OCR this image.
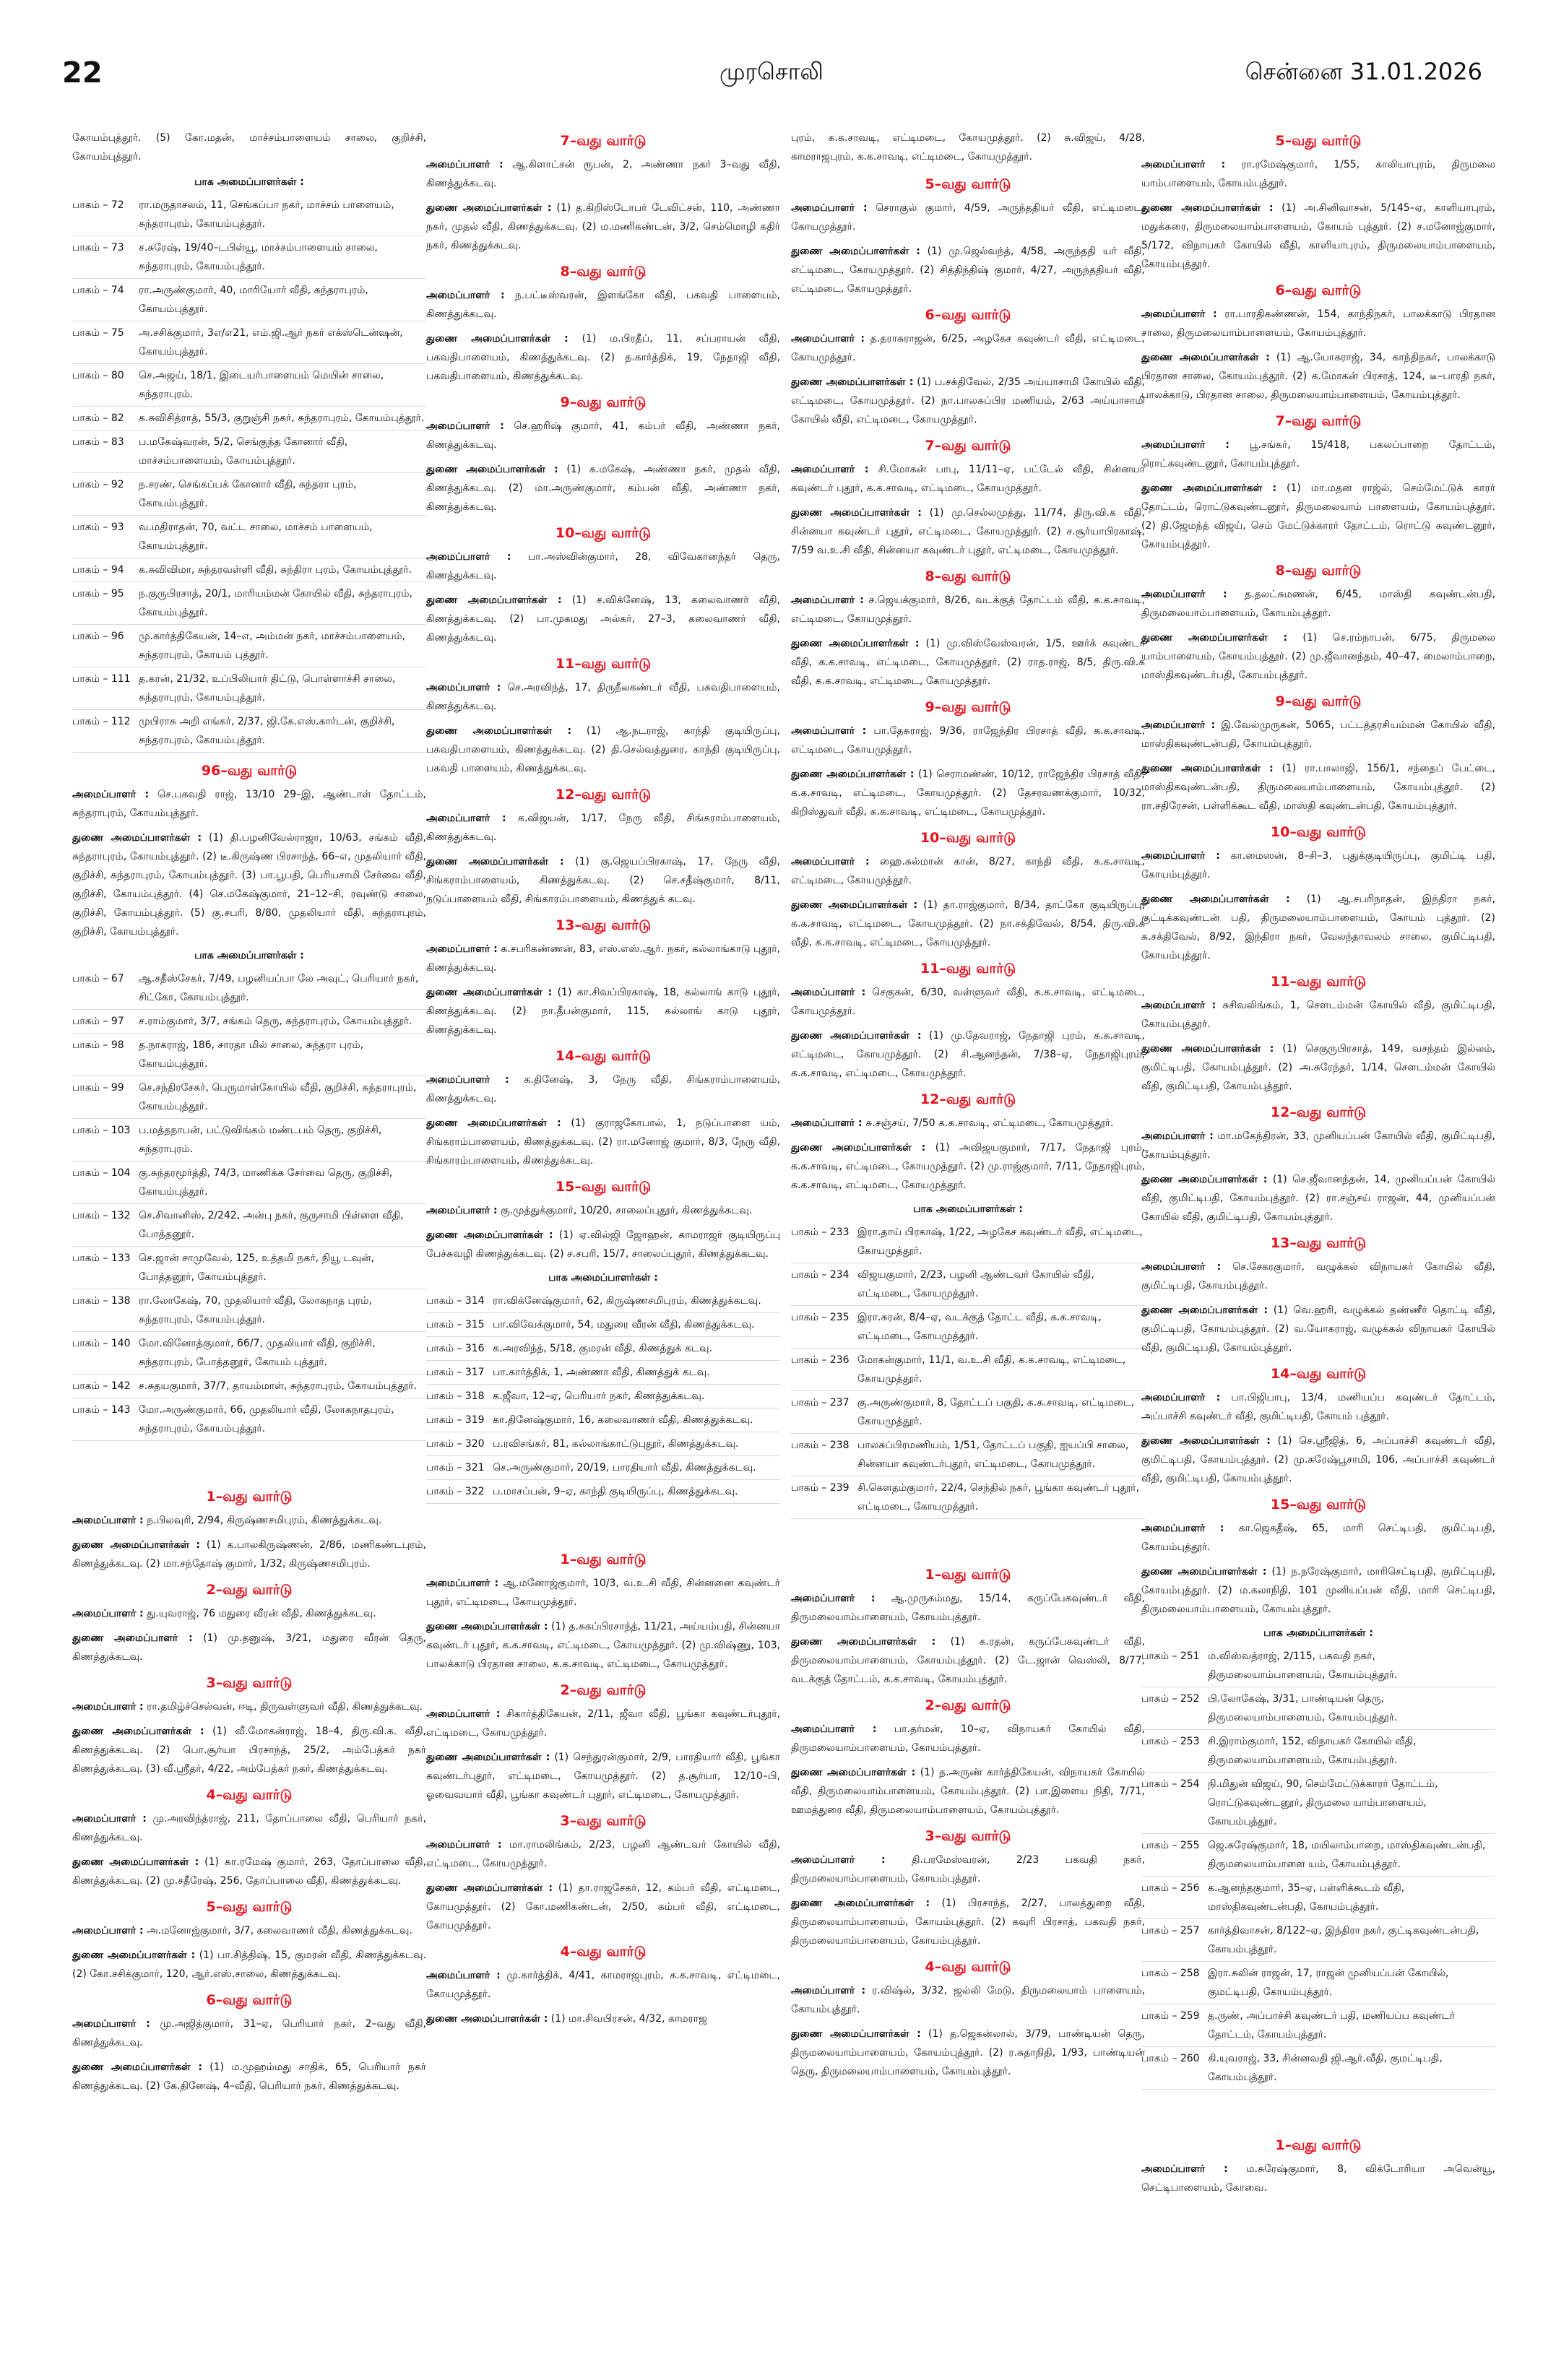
22	முரசொலி	சென்னை 31.01.2026
கோயம்புத்தூர். (5) கோ.மதன், மாச்சம்பாளையம் சாலை, குறிச்சி, கோயம்புத்தூர்.
பாக அமைப்பாளர்கள் :
பாகம் – 72	ரா.மருதாசலம், 11, செங்கப்பா நகர், மாச்சம் பாளையம், சுந்தராபுரம், கோயம்புத்தூர்.
பாகம் – 73	ச.சுரேஷ், 19/40–டபிள்யூ, மாச்சம்பாளையம் சாலை, சுந்தராபுரம், கோயம்புத்தூர்.
பாகம் – 74	ரா.அருண்குமார், 40, மாரியோர் வீதி, சுந்தராபுரம், கோயம்புத்தூர்.
பாகம் – 75	அ.சசிக்குமார், 3எ/எ21, எம்.ஜி.ஆர் நகர் எக்ஸ்டென்ஷன், கோயம்புத்தூர்.
பாகம் – 80	செ.அஜய், 18/1, இடையர்பாளையம் மெயின் சாலை, சுந்தராபுரம்.
பாகம் – 82	க.சுவிசித்ராத், 55/3, குறுஞ்சி நகர், சுந்தராபுரம், கோயம்புத்தூர்.
பாகம் – 83	ப.மகேஷ்வரன், 5/2, செங்குந்த கோனார் வீதி, மாச்சம்பாளையம், கோயம்புத்தூர்.
பாகம் – 92	ந.சரண், செங்கப்பக் கோனார் வீதி, சுந்தரா புரம், கோயம்புத்தூர்.
பாகம் – 93	வ.மதிராதன், 70, வட்ட சாலை, மாச்சம் பாளையம், கோயம்புத்தூர்.
பாகம் – 94	க.சுவிவிமா, சுந்தரவள்ளி வீதி, சுந்திரா புரம், கோயம்புத்தூர்.
பாகம் – 95	ந.குருபிரசாத், 20/1, மாரியம்மன் கோயில் வீதி, சுந்தராபுரம், கோயம்புத்தூர்.
பாகம் – 96	மு.கார்த்திகேயன், 14–எ, அம்மன் நகர், மாச்சம்பாளையம், சுந்தராபுரம், கோயம் புத்தூர்.
பாகம் – 111 த.கரன், 21/32, உப்பிலியார் திட்டு, பொள்ளாச்சி சாலை, சுந்தராபுரம், கோயம்புத்தூர்.
பாகம் – 112 முபிராசு அறி எங்கர், 2/37, ஜி.கே.எஸ்.கார்டன், குறிச்சி, சுந்தராபுரம், கோயம்புத்தூர்.
96–வது வார்டு
அமைப்பாளர் : செ.பகவதி ராஜ், 13/10 29–இ, ஆண்டாள் தோட்டம், சுந்தராபுரம், கோயம்புத்தூர்.
துணை அமைப்பாளர்கள் : (1) தி.பழனிவேல்ராஜா, 10/63, சங்கம் வீதி, சுந்தராபுரம், கோயம்புத்தூர். (2) டீ.கிருஷ்ண பிரசாந்த், 66–எ, முதலியார் வீதி, குறிச்சி, சுந்தராபுரம், கோயம்புத்தூர். (3) பா.பூபதி, பெரியசாமி சேர்வை வீதி, குறிச்சி, கோயம்புத்தூர். (4) செ.மகேஷ்குமார், 21–12–சி, ரவுண்டு சாலை, குறிச்சி, கோயம்புத்தூர். (5) கு.சபரி, 8/80, முதலியார் வீதி, சுந்தராபுரம், குறிச்சி, கோயம்புத்தூர்.
பாக அமைப்பாளர்கள் :
பாகம் – 67	ஆ.சதீஸ்சேகர், 7/49, பழனியப்பா லே அவுட், பெரியார் நகர், சிட்கோ, கோயம்புத்தூர்.
பாகம் – 97	ச.ராம்குமார், 3/7, சங்கம் தெரு, சுந்தராபுரம், கோயம்புத்தூர்.
பாகம் – 98	த.நாகராஜ், 186, சாரதா மில் சாலை, சுந்தரா புரம், கோயம்புத்தூர்.
பாகம் – 99	செ.சந்திரசேகர், பெருமாள்கோயில் வீதி, குறிச்சி, சுந்தராபுரம், கோயம்புத்தூர்.
பாகம் – 103 ப.மத்தநாபன், பட்டுவிங்கம் மண்டபம் தெரு, குறிச்சி, சுந்தராபுரம்.
பாகம் – 104 கு.சுந்தரமூர்த்தி, 74/3, மாணிக்க சேர்வை தெரு, குறிச்சி, கோயம்புத்தூர்.
பாகம் – 132 செ.சிவானிஸ், 2/242, அன்பு நகர், குருசாமி பிள்ளை வீதி, போத்தனூர்.
பாகம் – 133 செ.ஜான் சாமுவேல், 125, உத்தமி நகர், நியூ டவுன், போத்தனூர், கோயம்புத்தூர்.
பாகம் – 138 ரா.லோகேஷ், 70, முதலியார் வீதி, லோகநாத புரம், சுந்தராபுரம், கோயம்புத்தூர்.
பாகம் – 140 மோ.வினோத்குமார், 66/7, முதலியார் வீதி, குறிச்சி, சுந்தராபுரம், போத்தனூர், கோயம் புத்தூர்.
பாகம் – 142 ச.சுதயகுமார், 37/7, தாயம்மாள், சுந்தராபுரம், கோயம்புத்தூர்.
பாகம் – 143 மோ.அருண்குமார், 66, முதலியார் வீதி, லோகநாதபுரம், சுந்தராபுரம், கோயம்புத்தூர்.
1–வது வார்டு
அமைப்பாளர் : ந.பிலவுரி, 2/94, கிருஷ்ணசமிபுரம், கிணத்துக்கடவு.
துணை அமைப்பாளர்கள் : (1) க.பாலகிருஷ்ணன், 2/86, மணிகண்டபுரம், கிணத்துக்கடவு. (2) மா.சந்தோஷ் குமார், 1/32, கிருஷ்ணசமிபுரம்.
2–வது வார்டு
அமைப்பாளர் : து.யுவராஜ், 76 மதுரை வீரன் வீதி, கிணத்துக்கடவு.
துணை அமைப்பாளர் : (1) மு.தனுஷ், 3/21, மதுரை வீரன் தெரு, கிணத்துக்கடவு.
3–வது வார்டு
அமைப்பாளர் : ரா.தமிழ்ச்செல்வன், ஈடி, திருவள்ளுவர் வீதி, கிணத்துக்கடவு.
துணை அமைப்பாளர்கள் : (1) வீ.மோகன்ராஜ், 18–4, திரு.வி.க. வீதி, கிணத்துக்கடவு. (2) பொ.சூர்யா பிரசாந்த், 25/2, அம்பேத்கர் நகர் கிணத்துக்கடவு. (3) வீ.ஸ்ரீதர், 4/22, அம்பேத்கர் நகர், கிணத்துக்கடவு.
4–வது வார்டு
அமைப்பாளர் : மு.அரவிந்த்ராஜ், 211, தோப்பாலை வீதி, பெரியார் நகர், கிணத்துக்கடவு.
துணை அமைப்பாளர்கள் : (1) கா.ரமேஷ் குமார், 263, தோப்பாலை வீதி, கிணத்துக்கடவு. (2) மு.சதீரேஷ், 256, தோப்பாலை வீதி, கிணத்துக்கடவு.
5–வது வார்டு
அமைப்பாளர் : அ.மனோஜ்குமார், 3/7, கலைவாணர் வீதி, கிணத்துக்கடவு.
துணை அமைப்பாளர்கள் : (1) பா.சித்திஷ், 15, குமரன் வீதி, கிணத்துக்கடவு. (2) கோ.சசிக்குமார், 120, ஆர்.எஸ்.சாலை, கிணத்துக்கடவு.
6–வது வார்டு
அமைப்பாளர் : மு.அஜித்குமார், 31–ஏ, பெரியார் நகர், 2–வது வீதி, கிணத்துக்கடவு.
துணை அமைப்பாளர்கள் : (1) ம.முஹம்மது சாதிக், 65, பெரியார் நகர் கிணத்துக்கடவு. (2) கே.தினேஷ், 4–வீதி, பெரியார் நகர், கிணத்துக்கடவு.
7–வது வார்டு
அமைப்பாளர் : ஆ.கிளாட்சன் ரூபன், 2, அண்ணா நகர் 3–வது வீதி, கிணத்துக்கடவு.
துணை அமைப்பாளர்கள் : (1) த.கிறிஸ்டோபர் டேவிட்சன், 110, அண்ணா நகர், முதல் வீதி, கிணத்துக்கடவு. (2) ம.மணிகண்டன், 3/2, செம்மொழி கதிர் நகர், கிணத்துக்கடவு.
8–வது வார்டு
அமைப்பாளர் : ந.பட்டீஸ்வரன், இளங்கோ வீதி, பகவதி பாளையம், கிணத்துக்கடவு.
துணை அமைப்பாளர்கள் : (1) ம.பிரதீப், 11, சப்பராயன் வீதி, பகவதிபாளையம், கிணத்துக்கடவு. (2) த.கார்த்திக், 19, நேதாஜி வீதி, பகவதிபாளையம், கிணத்துக்கடவு.
9–வது வார்டு
அமைப்பாளர் : செ.ஹரிஷ் குமார், 41, கம்பர் வீதி, அண்ணா நகர், கிணத்துக்கடவு.
துணை அமைப்பாளர்கள் : (1) க.மகேஷ், அண்ணா நகர், முதல் வீதி, கிணத்துக்கடவு. (2) மா.அருண்குமார், கம்பன் வீதி, அண்ணா நகர், கிணத்துக்கடவு.
10–வது வார்டு
அமைப்பாளர் : பா.அஸ்வின்குமார், 28, விவேகானந்தர் தெரு, கிணத்துக்கடவு.
துணை அமைப்பாளர்கள் : (1) ச.விக்னேஷ், 13, கலைவாணர் வீதி, கிணத்துக்கடவு. (2) பா.முகமது அல்கர், 27–3, கலைவாணர் வீதி, கிணத்துக்கடவு.
11–வது வார்டு
அமைப்பாளர் : செ.அரவிந்த், 17, திருநீலகண்டர் வீதி, பகவதிபாளையம், கிணத்துக்கடவு.
துணை அமைப்பாளர்கள் : (1) ஆ.நடராஜ், காந்தி குடியிருப்பு, பகவதிபாளையம், கிணத்துக்கடவு. (2) தி.செல்வத்துரை, காந்தி குடியிருப்பு, பகவதி பாளையம், கிணத்துக்கடவு.
12–வது வார்டு
அமைப்பாளர் : க.விஜயன், 1/17, நேரு வீதி, சிங்கராம்பாளையம், கிணத்துக்கடவு.
துணை அமைப்பாளர்கள் : (1) கு.ஜெயப்பிரகாஷ், 17, நேரு வீதி, சிங்கராம்பாளையம், கிணத்துக்கடவு. (2) செ.சதீஷ்குமார், 8/11, நடுப்பாளையம் வீதி, சிங்காரம்பாளையம், கிணத்துக் கடவு.
13–வது வார்டு
அமைப்பாளர் : க.சபரிகண்ணன், 83, எஸ்.எஸ்.ஆர். நகர், கல்லாங்காடு புதூர், கிணத்துக்கடவு.
துணை அமைப்பாளர்கள் : (1) கா.சிவப்பிரகாஷ், 18, கல்லாங் காடு புதூர், கிணத்துக்கடவு. (2) நா.தீபன்குமார், 115, கல்லாங் காடு புதூர், கிணத்துக்கடவு.
14–வது வார்டு
அமைப்பாளர் : க.தினேஷ், 3, நேரு வீதி, சிங்கராம்பாளையம், கிணத்துக்கடவு.
துணை அமைப்பாளர்கள் : (1) குராஜகோபால், 1, நடுப்பாளை யம், சிங்கராம்பாளையம், கிணத்துக்கடவு. (2) ரா.மனோஜ் குமார், 8/3, நேரு வீதி, சிங்காரம்பாளையம், கிணத்துக்கடவு.
15–வது வார்டு
அமைப்பாளர் : கு.முத்துக்குமார், 10/20, சாலைப்புதூர், கிணத்துக்கடவு.
துணை அமைப்பாளர்கள் : (1) ஏ.வில்ஜி ஜோஹன், காமராஜர் குடியிருப்பு பேச்சுவழி கிணத்துக்கடவு. (2) ச.சபரி, 15/7, சாலைப்புதூர், கிணத்துக்கடவு.
பாக அமைப்பாளர்கள் :
பாகம் – 314 ரா.விக்னேஷ்குமார், 62, கிருஷ்ணசமிபுரம், கிணத்துக்கடவு.
பாகம் – 315 பா.விவேக்குமார், 54, மதுரை வீரன் வீதி, கிணத்துக்கடவு.
பாகம் – 316 க.அரவிந்த், 5/18, குமரன் வீதி, கிணத்துக் கடவு.
பாகம் – 317 பா.கார்த்திக், 1, அண்ணா வீதி, கிணத்துக் கடவு.
பாகம் – 318 க.ஜீவா, 12–ஏ, பெரியார் நகர், கிணத்துக்கடவு.
பாகம் – 319 கா.தினேஷ்குமார், 16, கலைவாணர் வீதி, கிணத்துக்கடவு.
பாகம் – 320 ப.ரவிசங்கர், 81, கல்லாங்காட்டுபுதூர், கிணத்துக்கடவு.
பாகம் – 321 செ.அருண்குமார், 20/19, பாரதியார் வீதி, கிணத்துக்கடவு.
பாகம் – 322 ப.மாசப்பன், 9–ஏ, காந்தி குடியிருப்பு, கிணத்துக்கடவு.
1–வது வார்டு
அமைப்பாளர் : ஆ.மனோஜ்குமார், 10/3, வ.உ.சி வீதி, சின்னனை கவுண்டர் புதூர், எட்டிமடை, கோயமுத்தூர்.
துணை அமைப்பாளர்கள் : (1) த.சுகப்பிரசாந்த், 11/21, அய்யம்பதி, சின்னயா கவுண்டர் புதூர், க.க.சாவடி, எட்டிமடை, கோயமுத்தூர். (2) மு.விஷ்ணு, 103, பாலக்காடு பிரதான சாலை, க.க.சாவடி, எட்டிமடை, கோயமுத்தூர்.
2–வது வார்டு
அமைப்பாளர் : சிகார்த்திகேயன், 2/11, ஜீவா வீதி, பூங்கா கவுண்டர்புதூர், எட்டிமடை, கோயமுத்தூர்.
துணை அமைப்பாளர்கள் : (1) செந்துரன்குமார், 2/9, பாரதியார் வீதி, பூங்கா கவுண்டர்புதூர், எட்டிமடை, கோயமுத்தூர். (2) த.சூர்யா, 12/10–பி, ஓவைவயார் வீதி, பூங்கா கவுண்டர் புதூர், எட்டிமடை, கோயமுத்தூர்.
3–வது வார்டு
அமைப்பாளர் : மா.ராமலிங்கம், 2/23, பழனி ஆண்டவர் கோயில் வீதி, எட்டிமடை, கோயமுத்தூர்.
துணை அமைப்பாளர்கள் : (1) தா.ராஜசேகர், 12, கம்பர் வீதி, எட்டிமடை, கோயமுத்தூர். (2) கோ.மணிகண்டன், 2/50, கம்பர் வீதி, எட்டிமடை, கோயமுத்தூர்.
4–வது வார்டு
அமைப்பாளர் : மு.கார்த்திக், 4/41, காமராஜபுரம், க.க.சாவடி, எட்டிமடை, கோயமுத்தூர்.
துணை அமைப்பாளர்கள் : (1) மா.சிவபிரசன், 4/32, காமராஜ
புரம், க.க.சாவடி, எட்டிமடை, கோயமுத்தூர். (2) சு.விஜய், 4/28, காமராஜபுரம், க.க.சாவடி, எட்டிமடை, கோயமுத்தூர்.
5–வது வார்டு
அமைப்பாளர் : செராகுல் குமார், 4/59, அருந்ததியர் வீதி, எட்டிமடை, கோயமுத்தூர்.
துணை அமைப்பாளர்கள் : (1) மு.ஜெல்வந்த், 4/58, அருந்ததி யர் வீதி, எட்டிமடை, கோயமுத்தூர். (2) சித்திந்திஷ் குமார், 4/27, அருந்ததியர் வீதி, எட்டிமடை, கோயமுத்தூர்.
6–வது வார்டு
அமைப்பாளர் : த.தராசுராஜன், 6/25, அழகேச கவுண்டர் வீதி, எட்டிமடை, கோயமுத்தூர்.
துணை அமைப்பாளர்கள் : (1) ப.சக்திவேல், 2/35 அய்யாசாமி கோயில் வீதி, எட்டிமடை, கோயமுத்தூர். (2) நா.பாலசுப்பிர மணியம், 2/63 அய்யாசாமி கோயில் வீதி, எட்டிமடை, கோயமுத்தூர்.
7–வது வார்டு
அமைப்பாளர் : சி.மோகன் பாபு, 11/11–ஏ, பட்டேல் வீதி, சின்னயா கவுண்டர் புதூர், க.க.சாவடி, எட்டிமடை, கோயமுத்தூர்.
துணை அமைப்பாளர்கள் : (1) மு.செல்லமுத்து, 11/74, திரு.வி.க வீதி, சின்னயா கவுண்டர் புதூர், எட்டிமடை, கோயமுத்தூர். (2) ச.சூர்யாபிரகாஷ், 7/59 வ.உ.சி வீதி, சின்னயா கவுண்டர் புதூர், எட்டிமடை, கோயமுத்தூர்.
8–வது வார்டு
அமைப்பாளர் : ச.ஜெயக்குமார், 8/26, வடக்குத் தோட்டம் வீதி, க.க.சாவடி, எட்டிமடை, கோயமுத்தூர்.
துணை அமைப்பாளர்கள் : (1) மு.விஸ்வேஸ்வரன், 1/5, ஊர்க் கவுண்டர் வீதி, க.க.சாவடி, எட்டிமடை, கோயமுத்தூர். (2) ராத.ராஜ், 8/5, திரு.வி.க வீதி, க.க.சாவடி, எட்டிமடை, கோயமுத்தூர்.
9–வது வார்டு
அமைப்பாளர் : பா.தேசுராஜ், 9/36, ராஜேந்திர பிரசாத் வீதி, க.க.சாவடி, எட்டிமடை, கோயமுத்தூர்.
துணை அமைப்பாளர்கள் : (1) செராமண்ண், 10/12, ராஜேந்திர பிரசாத் வீதி, க.க.சாவடி, எட்டிமடை, கோயமுத்தூர். (2) தேசரவணக்குமார், 10/32, கிறிஸ்துவர் வீதி, க.க.சாவடி, எட்டிமடை, கோயமுத்தூர்.
10–வது வார்டு
அமைப்பாளர் : ஹை.சுல்மான் கான், 8/27, காந்தி வீதி, க.க.சாவடி, எட்டிமடை, கோயமுத்தூர்.
துணை அமைப்பாளர்கள் : (1) தா.ராஜ்குமார், 8/34, தாட்கோ குடியிருப்பு, க.க.சாவடி, எட்டிமடை, கோயமுத்தூர். (2) நா.சக்திவேல், 8/54, திரு.வி.க வீதி, க.க.சாவடி, எட்டிமடை, கோயமுத்தூர்.
11–வது வார்டு
அமைப்பாளர் : செகுகன், 6/30, வள்ளுவர் வீதி, க.க.சாவடி, எட்டிமடை, கோயமுத்தூர்.
துணை அமைப்பாளர்கள் : (1) மு.தேவராஜ், நேதாஜி புரம், க.க.சாவடி, எட்டிமடை, கோயமுத்தூர். (2) சி.ஆனந்தன், 7/38–ஏ, நேதாஜிபுரம், க.க.சாவடி, எட்டிமடை, கோயமுத்தூர்.
12–வது வார்டு
அமைப்பாளர் : சு.சஞ்சய், 7/50 க.க.சாவடி, எட்டிமடை, கோயமுத்தூர்.
துணை அமைப்பாளர்கள் : (1) அவிஜயகுமார், 7/17, நேதாஜி புரம், க.க.சாவடி, எட்டிமடை, கோயமுத்தூர். (2) மு.ராஜ்குமார், 7/11, நேதாஜிபுரம், க.க.சாவடி, எட்டிமடை, கோயமுத்தூர்.
பாக அமைப்பாளர்கள் :
பாகம் – 233 இரா.தாய் பிரகாஷ், 1/22, அழகேச கவுண்டர் வீதி, எட்டிமடை, கோயமுத்தூர்.
பாகம் – 234 விஜயகுமார், 2/23, பழனி ஆண்டவர் கோயில் வீதி, எட்டிமடை, கோயமுத்தூர்.
பாகம் – 235 இரா.சுரன், 8/4–ஏ, வடக்குத் தோட்ட வீதி, க.க.சாவடி, எட்டிமடை, கோயமுத்தூர்.
பாகம் – 236 மோகன்குமார், 11/1, வ.உ.சி வீதி, க.க.சாவடி, எட்டிமடை, கோயமுத்தூர்.
பாகம் – 237 கு.அருண்குமார், 8, தோட்டப் பகுதி, க.க.சாவடி, எட்டிமடை, கோயமுத்தூர்.
பாகம் – 238 பாலசுப்பிரமணியம், 1/51, தோட்டப் பகுதி, ஐயப்பி சாலை, சின்னயா கவுண்டர்புதூர், எட்டிமடை, கோயமுத்தூர்.
பாகம் – 239 சி.கௌதம்குமார், 22/4, செந்தில் நகர், பூங்கா கவுண்டர் புதூர், எட்டிமடை, கோயமுத்தூர்.
1–வது வார்டு
அமைப்பாளர் : ஆ.முருகம்மது, 15/14, கருப்பேகவுண்டர் வீதி, திருமலையாம்பாளையம், கோயம்புத்தூர்.
துணை அமைப்பாளர்கள் : (1) க.ரதன், கருப்பேகவுண்டர் வீதி, திருமலையாம்பாளையம், கோயம்புத்தூர். (2) டே.ஜான் வெஸ்லி, 8/77, வடக்குத் தோட்டம், க.க.சாவடி, கோயம்புத்தூர்.
2–வது வார்டு
அமைப்பாளர் : பா.தர்மன், 10–ஏ, விநாயகர் கோயில் வீதி, திருமலையாம்பாளையம், கோயம்புத்தூர்.
துணை அமைப்பாளர்கள் : (1) த.அருண் கார்த்திகேயன், விநாயகர் கோயில் வீதி, திருமலையாம்பாளையம், கோயம்புத்தூர். (2) பா.இளைய நிதி, 7/71, ஊமத்துரை வீதி, திருமலையாம்பாளையம், கோயம்புத்தூர்.
3–வது வார்டு
அமைப்பாளர் :	தி.பரமேஸ்வரன், 2/23 பகவதி நகர், திருமலையாம்பாளையம், கோயம்புத்தூர்.
துணை அமைப்பாளர்கள் : (1) பிரசாந்த், 2/27, பாலத்துறை வீதி, திருமலையாம்பாளையம், கோயம்புத்தூர். (2) கவுரி பிரசாத், பகவதி நகர், திருமலையாம்பாளையம், கோயம்புத்தூர்.
4–வது வார்டு
அமைப்பாளர் : ர.விஷ்ல், 3/32, ஜல்லி மேடு, திருமலையாம் பாளையம், கோயம்புத்தூர்.
துணை அமைப்பாளர்கள் : (1) த.ஜெகன்லால், 3/79, பாண்டியன் தெரு, திருமலையாம்பாளையம், கோயம்புத்தூர். (2) ர.சுதாநிதி, 1/93, பாண்டியன் தெரு, திருமலையாம்பாளையம், கோயம்புத்தூர்.
5–வது வார்டு
அமைப்பாளர் : ரா.ரமேஷ்குமார், 1/55, காலியாபுரம், திருமலை யாம்பாளையம், கோயம்புத்தூர்.
துணை அமைப்பாளர்கள் : (1) அ.சினிவாசன், 5/145–ஏ, காளியாபுரம், மதுக்கரை, திருமலையாம்பாளையம், கோயம் புத்தூர். (2) ச.மனோஜ்குமார், 5/172, விநாயகர் கோயில் வீதி, காளியாபுரம், திருமலையாம்பாளையம், கோயம்புத்தூர்.
6–வது வார்டு
அமைப்பாளர் : ரா.பாரதிகண்ணன், 154, காந்திநகர், பாலக்காடு பிரதான சாலை, திருமலையாம்பாளையம், கோயம்புத்தூர்.
துணை அமைப்பாளர்கள் : (1) ஆ.யோகராஜ், 34, காந்திநகர், பாலக்காடு பிரதான சாலை, கோயம்புத்தூர். (2) க.மோகன் பிரசாத், 124, டீ–பாரதி நகர், பாலக்காடு, பிரதான சாலை, திருமலையாம்பாளையம், கோயம்புத்தூர்.
7–வது வார்டு
அமைப்பாளர் : பூ.சங்கர், 15/418, பகலப்பாறை தோட்டம், ரொட்கவுண்டனூர், கோயம்புத்தூர்.
துணை அமைப்பாளர்கள் : (1) மா.மதன ராஜ்ல், செம்மேட்டுக் காரர் தோட்டம், ரொட்டுகவுண்டனூர், திருமலையாம் பாளையம், கோயம்புத்தூர். (2) தி.ஜேமந்த் விஜய், செம் மேட்டுக்காரர் தோட்டம், ரொட்டு கவுண்டனூர், கோயம்புத்தூர்.
8–வது வார்டு
அமைப்பாளர் : த.தலட்சுமணன், 6/45, மாஸ்தி கவுண்டன்பதி, திருமலையாம்பாளையம், கோயம்புத்தூர்.
துணை அமைப்பாளர்கள் : (1) செ.ரம்நாபன், 6/75, திருமலை யாம்பாளையம், கோயம்புத்தூர். (2) மு.ஜீவானந்தம், 40–47, மைலாம்பாறை, மாஸ்திகவுண்டர்பதி, கோயம்புத்தூர்.
9–வது வார்டு
அமைப்பாளர் : இ.வேல்முருகன், 5065, பட்டத்தரசியம்மன் கோயில் வீதி, மாஸ்திகவுண்டன்பதி, கோயம்புத்தூர்.
துணை அமைப்பாளர்கள் : (1) ரா.பாலாஜி, 156/1, சந்தைப் பேட்டை, மாஸ்திகவுண்டன்பதி, திருமலையாம்பாளையம், கோயம்புத்தூர். (2) ரா.சதிரேசன், பள்ளிக்கூட வீதி, மாஸ்தி கவுண்டன்பதி, கோயம்புத்தூர்.
10–வது வார்டு
அமைப்பாளர் : கா.மைஸன், 8–சி–3, புதுக்குடியிருப்பு, குமிட்டி பதி, கோயம்புத்தூர்.
துணை அமைப்பாளர்கள் : (1) ஆ.சபரிநாதன், இந்திரா நகர், குட்டிக்கவுண்டன் பதி, திருமலையாம்பாளையம், கோயம் புத்தூர். (2) க.சக்திவேல், 8/92, இந்திரா நகர், வேலந்தாவலம் சாலை, குமிட்டிபதி, கோயம்புத்தூர்.
11–வது வார்டு
அமைப்பாளர் : சுசிவலிங்கம், 1, செளடம்மன் கோயில் வீதி, குமிட்டிபதி, கோயம்புத்தூர்.
துணை அமைப்பாளர்கள் : (1) செகுருபிரசாத், 149, வசந்தம் இல்லம், குமிட்டிபதி, கோயம்புத்தூர். (2) அ.சுரேந்தர், 1/14, செளடம்மன் கோயில் வீதி, குமிட்டிபதி, கோயம்புத்தூர்.
12–வது வார்டு
அமைப்பாளர் : மா.மகேந்திரன், 33, முனியப்பன் கோயில் வீதி, குமிட்டிபதி, கோயம்புத்தூர்.
துணை அமைப்பாளர்கள் : (1) செ.ஜீவானந்தன், 14, முனியப்பன் கோயில் வீதி, குமிட்டிபதி, கோயம்புத்தூர். (2) ரா.சஞ்சய் ராஜன், 44, முனியப்பன் கோயில் வீதி, குமிட்டிபதி, கோயம்புத்தூர்.
13–வது வார்டு
அமைப்பாளர் : செ.சேகரகுமார், வழுக்கல் விநாயகர் கோயில் வீதி, குமிட்டிபதி, கோயம்புத்தூர்.
துணை அமைப்பாளர்கள் : (1) வெ.ஹரி, வழுக்கல் தண்ணீர் தொட்டி வீதி, குமிட்டிபதி, கோயம்புத்தூர். (2) வ.யோகராஜ், வழுக்கல் விநாயகர் கோயில் வீதி, குமிட்டிபதி, கோயம்புத்தூர்.
14–வது வார்டு
அமைப்பாளர் : பா.பிஜிபாபு, 13/4, மணியப்ப கவுண்டர் தோட்டம், அப்பாச்சி கவுண்டர் வீதி, குமிட்டிபதி, கோயம் புத்தூர்.
துணை அமைப்பாளர்கள் : (1) செ.ஸ்ரீஜித், 6, அப்பாச்சி கவுண்டர் வீதி, குமிட்டிபதி, கோயம்புத்தூர். (2) மு.சுரேஷ்பூசாமி, 106, அப்பாச்சி கவுண்டர் வீதி, குமிட்டிபதி, கோயம்புத்தூர்.
15–வது வார்டு
அமைப்பாளர் : கா.ஜெகதீஷ், 65, மாரி செட்டிபதி, குமிட்டிபதி, கோயம்புத்தூர்.
துணை அமைப்பாளர்கள் : (1) ந.நரேஷ்குமார், மாரிசெட்டிபதி, குமிட்டிபதி, கோயம்புத்தூர். (2) ம.கலாநிதி, 101 முனியப்பன் வீதி, மாரி செட்டிபதி, திருமலையாம்பாளையம், கோயம்புத்தூர்.
பாக அமைப்பாளர்கள் :
பாகம் – 251 ம.விஸ்வத்ராஜ், 2/115, பகவதி நகர், திருமலையாம்பாளையம், கோயம்புத்தூர்.
பாகம் – 252 பி.லோகேஷ், 3/31, பாண்டியன் தெரு, திருமலையாம்பாளையம், கோயம்புத்தூர்.
பாகம் – 253 சி.இராம்குமார், 152, விநாயகர் கோயில் வீதி, திருமலையாம்பாளையம், கோயம்புத்தூர்.
பாகம் – 254 நி.மிதுன் விஜய், 90, செம்மேட்டுக்காரர் தோட்டம், ரொட்டுகவுண்டனூர், திருமலை யாம்பாளையம், கோயம்புத்தூர்.
பாகம் – 255 ஜெ.சுரேஷ்குமார், 18, மயிலாம்பாறை, மாஸ்திகவுண்டன்பதி, திருமலையாம்பாளை யம், கோயம்புத்தூர்.
பாகம் – 256 க.ஆனந்தகுமார், 35–ஏ, பள்ளிக்கூடம் வீதி, மாஸ்திகவுண்டன்பதி, கோயம்புத்தூர்.
பாகம் – 257 கார்த்திவாசன், 8/122–ஏ, இந்திரா நகர், குட்டிகவுண்டன்பதி, கோயம்புத்தூர்.
பாகம் – 258 இரா.சுலின் ராஜன், 17, ராஜன் முனியப்பன் கோயில், குமட்டிபதி, கோயம்புத்தூர்.
பாகம் – 259 த.ருண், அப்பாச்சி கவுண்டர் பதி, மணியப்ப கவுண்டர் தோட்டம், கோயம்புத்தூர்.
பாகம் – 260 கி.யுவராஜ், 33, சின்னவதி ஜி.ஆர்.வீதி, குமட்டிபதி, கோயம்புத்தூர்.
1–வது வார்டு
அமைப்பாளர் : ம.சுரேஷ்குமார், 8, விக்டோரியா அவென்யூ, செட்டிபாளையம், கோவை.
